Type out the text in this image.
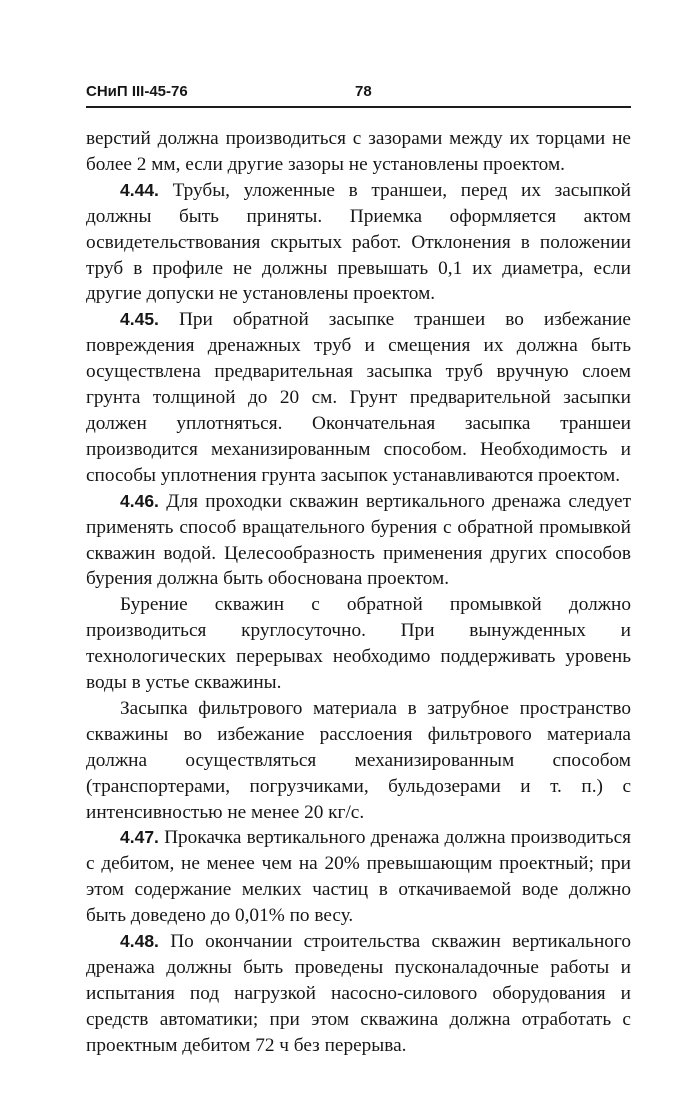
СНиП III-45-76	78

верстий должна производиться с зазорами между их торцами не более 2 мм, если другие зазоры не установлены проектом.

4.44. Трубы, уложенные в траншеи, перед их засыпкой должны быть приняты. Приемка оформляется актом освидетельствования скрытых работ. Отклонения в положении труб в профиле не должны превышать 0,1 их диаметра, если другие допуски не установлены проектом.

4.45. При обратной засыпке траншеи во избежание повреждения дренажных труб и смещения их должна быть осуществлена предварительная засыпка труб вручную слоем грунта толщиной до 20 см. Грунт предварительной засыпки должен уплотняться. Окончательная засыпка траншеи производится механизированным способом. Необходимость и способы уплотнения грунта засыпок устанавливаются проектом.

4.46. Для проходки скважин вертикального дренажа следует применять способ вращательного бурения с обратной промывкой скважин водой. Целесообразность применения других способов бурения должна быть обоснована проектом.

Бурение скважин с обратной промывкой должно производиться круглосуточно. При вынужденных и технологических перерывах необходимо поддерживать уровень воды в устье скважины.

Засыпка фильтрового материала в затрубное пространство скважины во избежание расслоения фильтрового материала должна осуществляться механизированным способом (транспортерами, погрузчиками, бульдозерами и т. п.) с интенсивностью не менее 20 кг/с.

4.47. Прокачка вертикального дренажа должна производиться с дебитом, не менее чем на 20% превышающим проектный; при этом содержание мелких частиц в откачиваемой воде должно быть доведено до 0,01% по весу.

4.48. По окончании строительства скважин вертикального дренажа должны быть проведены пусконаладочные работы и испытания под нагрузкой насосно-силового оборудования и средств автоматики; при этом скважина должна отработать с проектным дебитом 72 ч без перерыва.
